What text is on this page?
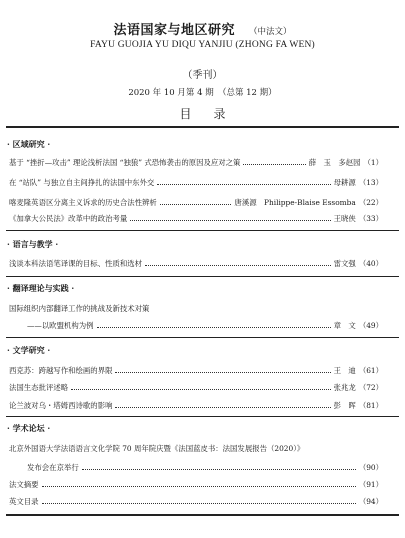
法语国家与地区研究 （中法文）
FAYU GUOJIA YU DIQU YANJIU (ZHONG FA WEN)
（季刊）
2020 年 10 月第 4 期　（总第 12 期）
目录
· 区域研究 ·
基于 “挫折—攻击” 理论浅析法国 “独狼” 式恐怖袭击的原因及应对之策	薛　玉　多赵园 （1）
在 “站队” 与独立自主间挣扎的法国中东外交	母耕源 （13）
喀麦隆英语区分离主义诉求的历史合法性辨析	唐溪源　Philippe-Blaise Essomba （22）
《加拿大公民法》改革中的政治考量	王晓侠 （33）
· 语言与教学 ·
浅谈本科法语笔译课的目标、性质和选材	雷文强 （40）
· 翻译理论与实践 ·
国际组织内部翻译工作的挑战及新技术对策
——以欧盟机构为例	章　文 （49）
· 文学研究 ·
西克苏：跨越写作和绘画的界限	王　迪 （61）
法国生态批评述略	张兆龙 （72）
论兰波对乌・塔姆西诗歌的影响	彭　晖 （81）
· 学术论坛 ·
北京外国语大学法语语言文化学院 70 周年院庆暨《法国蓝皮书：法国发展报告（2020）》
发布会在京举行	（90）
法文摘要	（91）
英文目录	（94）
